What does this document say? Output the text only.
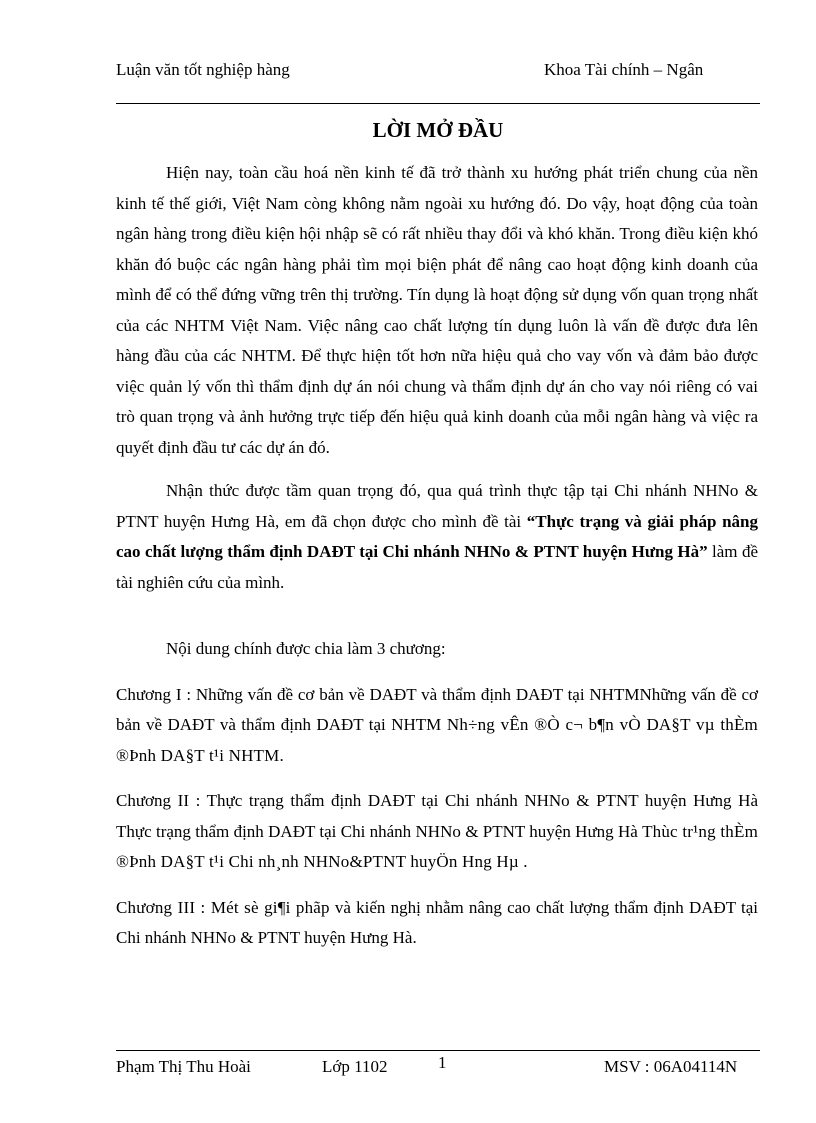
Luận văn tốt nghiệp hàng	Khoa Tài chính – Ngân
LỜI MỞ ĐẦU

Hiện nay, toàn cầu hoá nền kinh tế đã trở thành xu hướng phát triển chung của nền kinh tế thế giới, Việt Nam còng không nằm ngoài xu hướng đó. Do vậy, hoạt động của toàn ngân hàng trong điều kiện hội nhập sẽ có rất nhiều thay đổi và khó khăn. Trong điều kiện khó khăn đó buộc các ngân hàng phải tìm mọi biện phát để nâng cao hoạt động kinh doanh của mình để có thể đứng vững trên thị trường. Tín dụng là hoạt động sử dụng vốn quan trọng nhất của các NHTM Việt Nam. Việc nâng cao chất lượng tín dụng luôn là vấn đề được đưa lên hàng đầu của các NHTM. Để thực hiện tốt hơn nữa hiệu quả cho vay vốn và đảm bảo được việc quản lý vốn thì thẩm định dự án nói chung và thẩm định dự án cho vay nói riêng có vai trò quan trọng và ảnh hưởng trực tiếp đến hiệu quả kinh doanh của mỗi ngân hàng và việc ra quyết định đầu tư các dự án đó.

Nhận thức được tầm quan trọng đó, qua quá trình thực tập tại Chi nhánh NHNo & PTNT huyện Hưng Hà, em đã chọn được cho mình đề tài “Thực trạng và giải pháp nâng cao chất lượng thẩm định DAĐT tại Chi nhánh NHNo & PTNT huyện Hưng Hà” làm đề tài nghiên cứu của mình.

Nội dung chính được chia làm 3 chương:

Chương I : Những vấn đề cơ bản về DAĐT và thẩm định DAĐT tại NHTMNhững vấn đề cơ bản về DAĐT và thẩm định DAĐT tại NHTM Nh÷ng vÊn ®Ò c¬ b¶n vÒ DA§T vµ thÈm ®Þnh DA§T t¹i NHTM.

Chương II : Thực trạng thẩm định DAĐT tại Chi nhánh NHNo & PTNT huyện Hưng Hà Thực trạng thẩm định DAĐT tại Chi nhánh NHNo & PTNT huyện Hưng Hà Thùc tr¹ng thÈm ®Þnh DA§T t¹i Chi nh¸nh NHNo&PTNT huyÖn Hng Hµ .

Chương III : Mét sè gi¶i phãp và kiến nghị nhằm nâng cao chất lượng thẩm định DAĐT tại Chi nhánh NHNo & PTNT huyện Hưng Hà.

Phạm Thị Thu Hoài	Lớp 1102	1	MSV : 06A04114N
